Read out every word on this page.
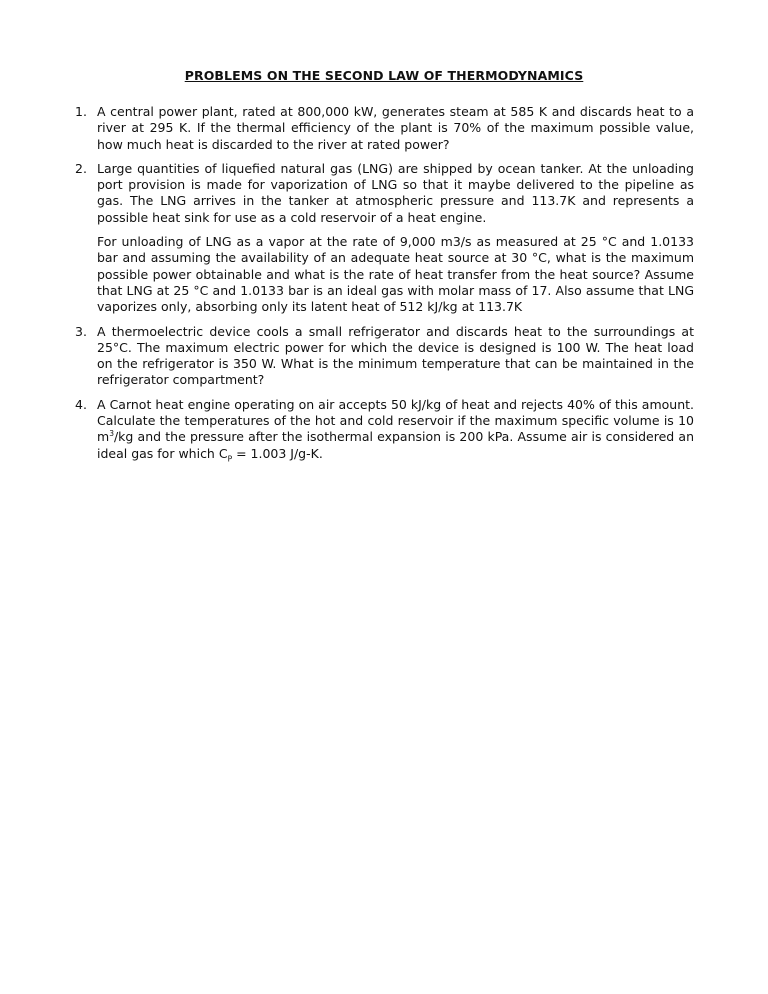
PROBLEMS ON THE SECOND LAW OF THERMODYNAMICS
1. A central power plant, rated at 800,000 kW, generates steam at 585 K and discards heat to a river at 295 K. If the thermal efficiency of the plant is 70% of the maximum possible value, how much heat is discarded to the river at rated power?

2. Large quantities of liquefied natural gas (LNG) are shipped by ocean tanker. At the unloading port provision is made for vaporization of LNG so that it maybe delivered to the pipeline as gas. The LNG arrives in the tanker at atmospheric pressure and 113.7K and represents a possible heat sink for use as a cold reservoir of a heat engine.

For unloading of LNG as a vapor at the rate of 9,000 m3/s as measured at 25 °C and 1.0133 bar and assuming the availability of an adequate heat source at 30 °C, what is the maximum possible power obtainable and what is the rate of heat transfer from the heat source? Assume that LNG at 25 °C and 1.0133 bar is an ideal gas with molar mass of 17. Also assume that LNG vaporizes only, absorbing only its latent heat of 512 kJ/kg at 113.7K

3. A thermoelectric device cools a small refrigerator and discards heat to the surroundings at 25°C. The maximum electric power for which the device is designed is 100 W. The heat load on the refrigerator is 350 W. What is the minimum temperature that can be maintained in the refrigerator compartment?

4. A Carnot heat engine operating on air accepts 50 kJ/kg of heat and rejects 40% of this amount. Calculate the temperatures of the hot and cold reservoir if the maximum specific volume is 10 $m^3/kg$ and the pressure after the isothermal expansion is 200 kPa. Assume air is considered an ideal gas for which $C_P = 1.003$ J/g-K.
